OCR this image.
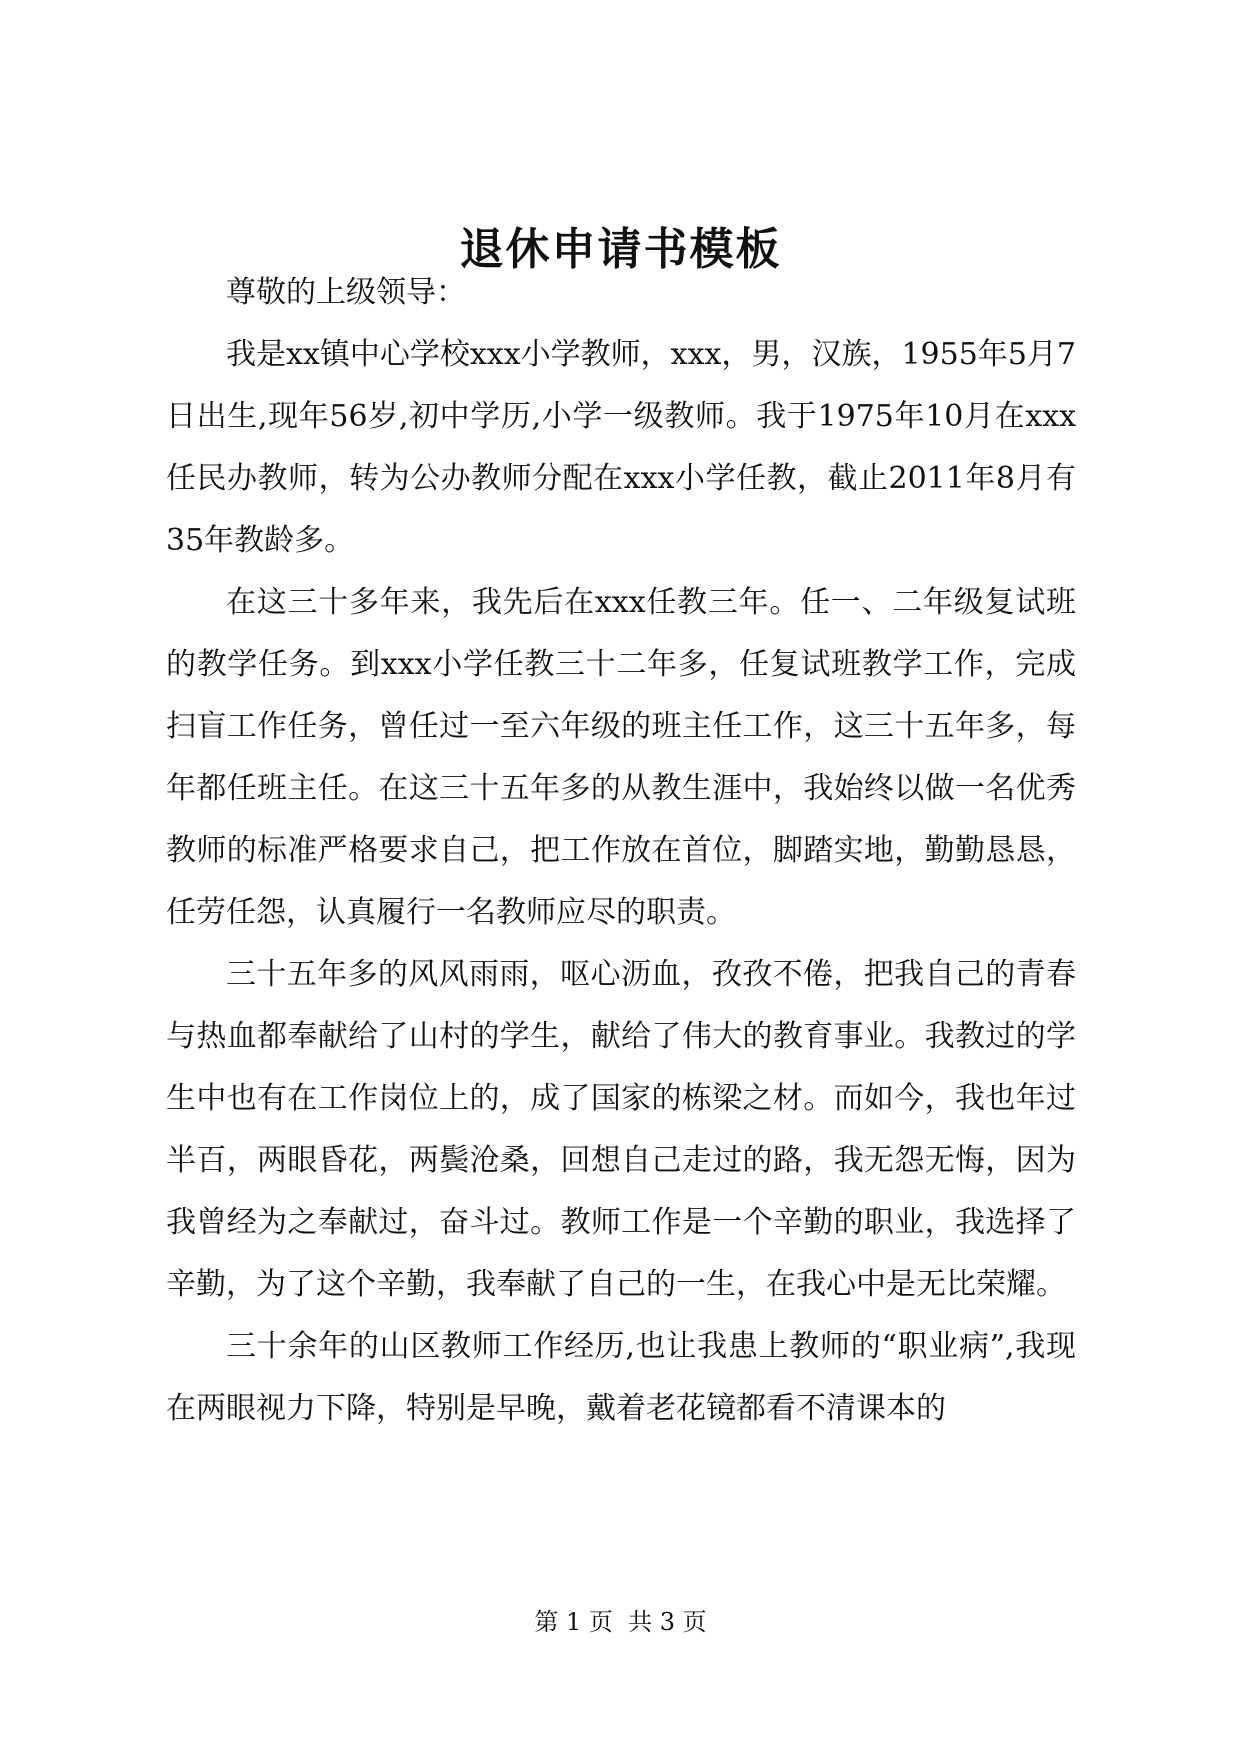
退休申请书模板

尊敬的上级领导：

我是xx镇中心学校xxx小学教师，xxx，男，汉族，1955年5月7日出生,现年56岁,初中学历,小学一级教师。我于1975年10月在xxx任民办教师，转为公办教师分配在xxx小学任教，截止2011年8月有35年教龄多。

在这三十多年来，我先后在xxx任教三年。任一、二年级复试班的教学任务。到xxx小学任教三十二年多，任复试班教学工作，完成扫盲工作任务，曾任过一至六年级的班主任工作，这三十五年多，每年都任班主任。在这三十五年多的从教生涯中，我始终以做一名优秀教师的标准严格要求自己，把工作放在首位，脚踏实地，勤勤恳恳，任劳任怨，认真履行一名教师应尽的职责。

三十五年多的风风雨雨，呕心沥血，孜孜不倦，把我自己的青春与热血都奉献给了山村的学生，献给了伟大的教育事业。我教过的学生中也有在工作岗位上的，成了国家的栋梁之材。而如今，我也年过半百，两眼昏花，两鬓沧桑，回想自己走过的路，我无怨无悔，因为我曾经为之奉献过，奋斗过。教师工作是一个辛勤的职业，我选择了辛勤，为了这个辛勤，我奉献了自己的一生，在我心中是无比荣耀。

三十余年的山区教师工作经历,也让我患上教师的“职业病”,我现在两眼视力下降，特别是早晚，戴着老花镜都看不清课本的

第 1 页  共 3 页
